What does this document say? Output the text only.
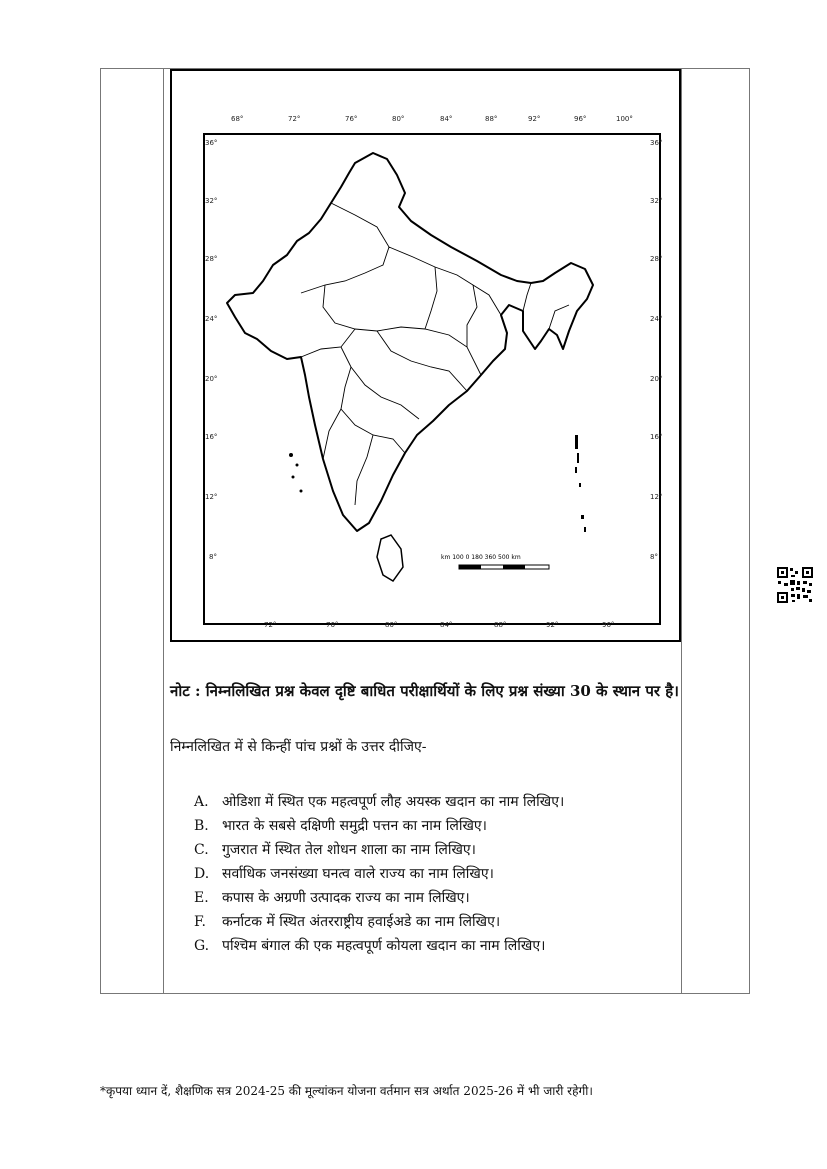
km 100 0 180 360 500 km
68°	72°	76°	80°	84°	88°	92°	96°	100°
72°	76°	80°	84°	88°	92°	96°
36°
32°
28°
24°
20°
16°
12°
8°
36°
32°
28°
24°
20°
16°
12°
8°
नोट : निम्नलिखित प्रश्न केवल दृष्टि बाधित परीक्षार्थियों के लिए प्रश्न संख्या 30 के स्थान पर है।
निम्नलिखित में से किन्हीं पांच प्रश्नों के उत्तर दीजिए-
A. ओडिशा में स्थित एक महत्वपूर्ण लौह अयस्क खदान का नाम लिखिए।
B. भारत के सबसे दक्षिणी समुद्री पत्तन का नाम लिखिए।
C. गुजरात में स्थित तेल शोधन शाला का नाम लिखिए।
D. सर्वाधिक जनसंख्या घनत्व वाले राज्य का नाम लिखिए।
E. कपास के अग्रणी उत्पादक राज्य का नाम लिखिए।
F.	कर्नाटक में स्थित अंतरराष्ट्रीय हवाईअडे का नाम लिखिए।
G. पश्चिम बंगाल की एक महत्वपूर्ण कोयला खदान का नाम लिखिए।
*कृपया ध्यान दें, शैक्षणिक सत्र 2024-25 की मूल्यांकन योजना वर्तमान सत्र अर्थात 2025-26 में भी जारी रहेगी।
